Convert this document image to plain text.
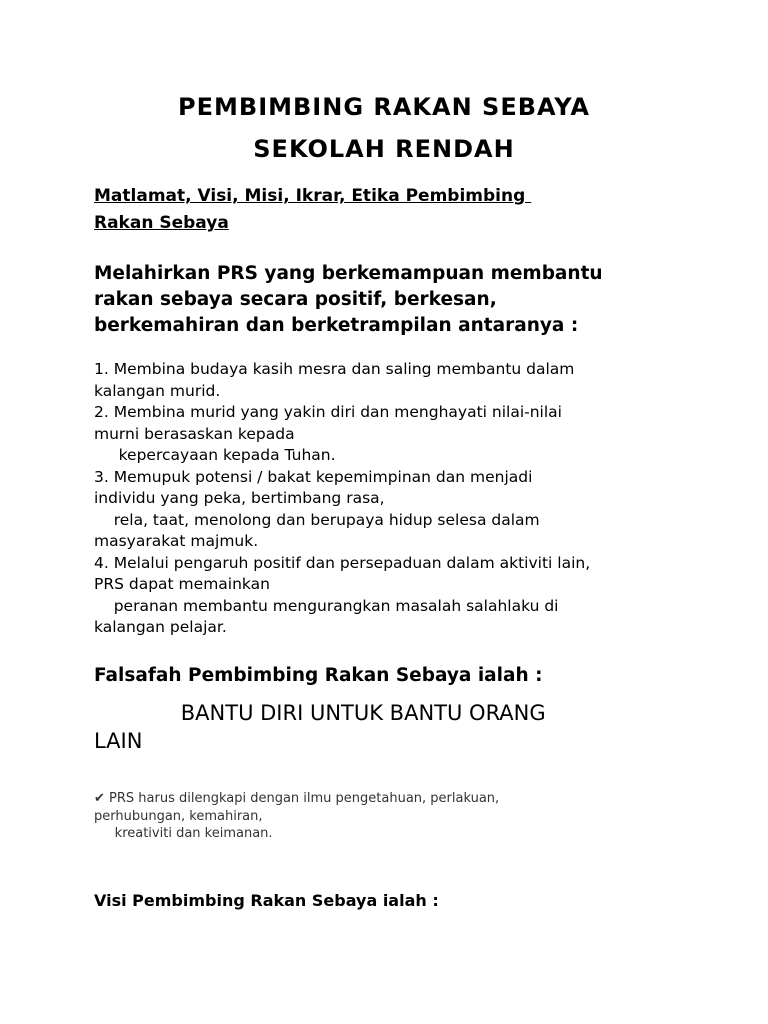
PEMBIMBING RAKAN SEBAYA
SEKOLAH RENDAH
Matlamat, Visi, Misi, Ikrar, Etika Pembimbing
Rakan Sebaya

Melahirkan PRS yang berkemampuan membantu
rakan sebaya secara positif, berkesan,
berkemahiran dan berketrampilan antaranya :

1. Membina budaya kasih mesra dan saling membantu dalam
kalangan murid.
2. Membina murid yang yakin diri dan menghayati nilai-nilai
murni berasaskan kepada
kepercayaan kepada Tuhan.
3. Memupuk potensi / bakat kepemimpinan dan menjadi
individu yang peka, bertimbang rasa,
rela, taat, menolong dan berupaya hidup selesa dalam
masyarakat majmuk.
4. Melalui pengaruh positif dan persepaduan dalam aktiviti lain,
PRS dapat memainkan
peranan membantu mengurangkan masalah salahlaku di
kalangan pelajar.

Falsafah Pembimbing Rakan Sebaya ialah :

BANTU DIRI UNTUK BANTU ORANG
LAIN

✔ PRS harus dilengkapi dengan ilmu pengetahuan, perlakuan,
perhubungan, kemahiran,
kreativiti dan keimanan.

Visi Pembimbing Rakan Sebaya ialah :
